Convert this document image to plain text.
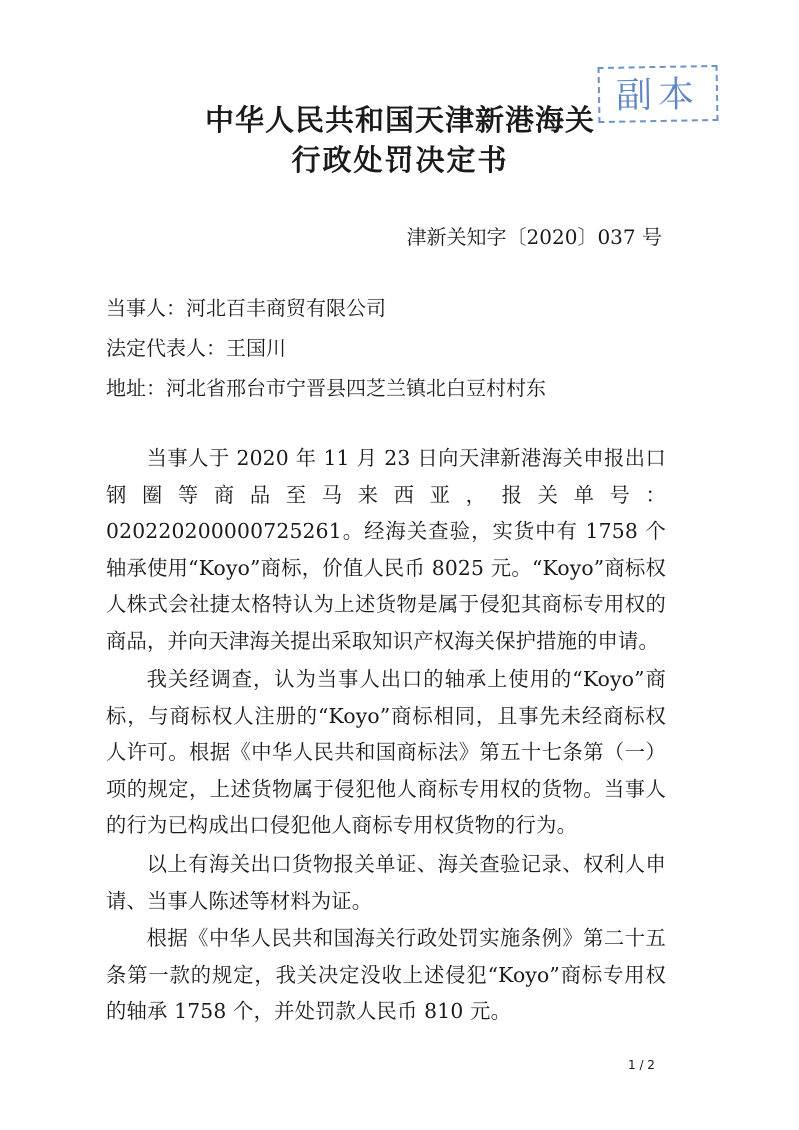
副本
中华人民共和国天津新港海关
行政处罚决定书
津新关知字〔2020〕037 号
当事人：河北百丰商贸有限公司
法定代表人：王国川
地址：河北省邢台市宁晋县四芝兰镇北白豆村村东

当事人于 2020 年 11 月 23 日向天津新港海关申报出口钢圈等商品至马来西亚，报关单号：020220200000725261。经海关查验，实货中有 1758 个轴承使用“Koyo”商标，价值人民币 8025 元。“Koyo”商标权人株式会社捷太格特认为上述货物是属于侵犯其商标专用权的商品，并向天津海关提出采取知识产权海关保护措施的申请。

我关经调查，认为当事人出口的轴承上使用的“Koyo”商标，与商标权人注册的“Koyo”商标相同，且事先未经商标权人许可。根据《中华人民共和国商标法》第五十七条第（一）项的规定，上述货物属于侵犯他人商标专用权的货物。当事人的行为已构成出口侵犯他人商标专用权货物的行为。

以上有海关出口货物报关单证、海关查验记录、权利人申请、当事人陈述等材料为证。

根据《中华人民共和国海关行政处罚实施条例》第二十五条第一款的规定，我关决定没收上述侵犯“Koyo”商标专用权的轴承 1758 个，并处罚款人民币 810 元。

1 / 2
